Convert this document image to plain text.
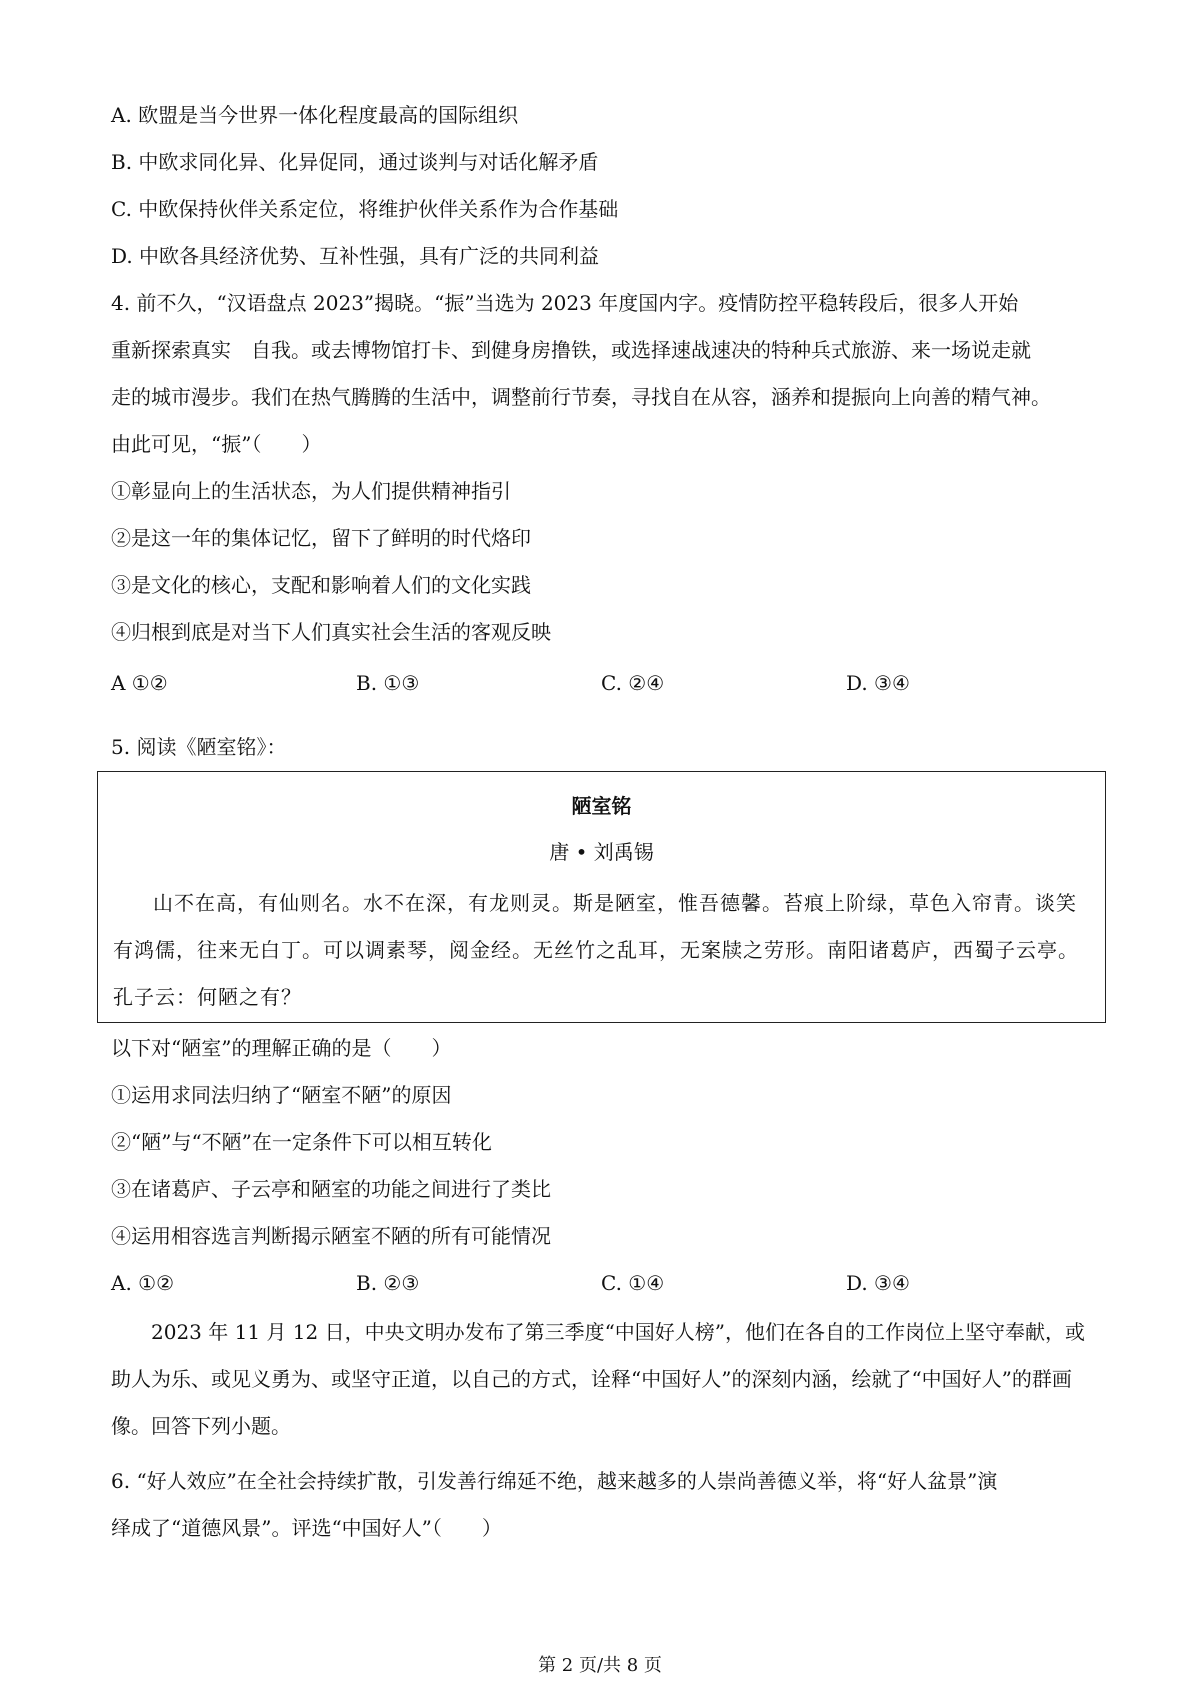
A. 欧盟是当今世界一体化程度最高的国际组织
B. 中欧求同化异、化异促同，通过谈判与对话化解矛盾
C. 中欧保持伙伴关系定位，将维护伙伴关系作为合作基础
D. 中欧各具经济优势、互补性强，具有广泛的共同利益
4. 前不久，“汉语盘点 2023”揭晓。“振”当选为 2023 年度国内字。疫情防控平稳转段后，很多人开始
重新探索真实　自我。或去博物馆打卡、到健身房撸铁，或选择速战速决的特种兵式旅游、来一场说走就
走的城市漫步。我们在热气腾腾的生活中，调整前行节奏，寻找自在从容，涵养和提振向上向善的精气神。
由此可见，“振”（　　）
①彰显向上的生活状态，为人们提供精神指引
②是这一年的集体记忆，留下了鲜明的时代烙印
③是文化的核心，支配和影响着人们的文化实践
④归根到底是对当下人们真实社会生活的客观反映
A ①②	B. ①③	C. ②④	D. ③④
5. 阅读《陋室铭》：
陋室铭
唐 • 刘禹锡
山不在高，有仙则名。水不在深，有龙则灵。斯是陋室，惟吾德馨。苔痕上阶绿，草色入帘青。谈笑有鸿儒，往来无白丁。可以调素琴，阅金经。无丝竹之乱耳，无案牍之劳形。南阳诸葛庐，西蜀子云亭。孔子云：何陋之有？
以下对“陋室”的理解正确的是（　　）
①运用求同法归纳了“陋室不陋”的原因
②“陋”与“不陋”在一定条件下可以相互转化
③在诸葛庐、子云亭和陋室的功能之间进行了类比
④运用相容选言判断揭示陋室不陋的所有可能情况
A. ①②	B. ②③	C. ①④	D. ③④
2023 年 11 月 12 日，中央文明办发布了第三季度“中国好人榜”，他们在各自的工作岗位上坚守奉献，或助人为乐、或见义勇为、或坚守正道，以自己的方式，诠释“中国好人”的深刻内涵，绘就了“中国好人”的群画像。回答下列小题。
6. “好人效应”在全社会持续扩散，引发善行绵延不绝，越来越多的人崇尚善德义举，将“好人盆景”演
绎成了“道德风景”。评选“中国好人”（　　）
第 2 页/共 8 页
